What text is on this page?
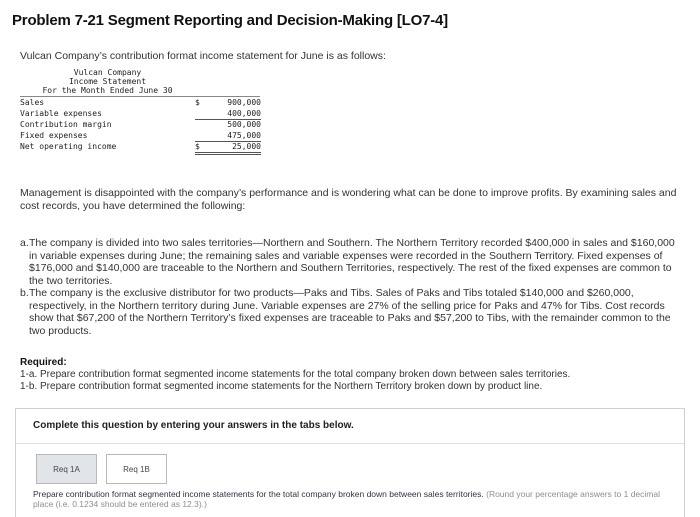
Problem 7-21 Segment Reporting and Decision-Making [LO7-4]
Vulcan Company’s contribution format income statement for June is as follows:
Vulcan Company
Income Statement
For the Month Ended June 30
Sales	$	900,000
Variable expenses	400,000
Contribution margin	500,000
Fixed expenses	475,000
Net operating income	$	25,000
Management is disappointed with the company’s performance and is wondering what can be done to improve profits. By examining sales and cost records, you have determined the following:
a. The company is divided into two sales territories—Northern and Southern. The Northern Territory recorded $400,000 in sales and $160,000 in variable expenses during June; the remaining sales and variable expenses were recorded in the Southern Territory. Fixed expenses of $176,000 and $140,000 are traceable to the Northern and Southern Territories, respectively. The rest of the fixed expenses are common to the two territories.
b. The company is the exclusive distributor for two products—Paks and Tibs. Sales of Paks and Tibs totaled $140,000 and $260,000, respectively, in the Northern territory during June. Variable expenses are 27% of the selling price for Paks and 47% for Tibs. Cost records show that $67,200 of the Northern Territory’s fixed expenses are traceable to Paks and $57,200 to Tibs, with the remainder common to the two products.
Required:
1-a. Prepare contribution format segmented income statements for the total company broken down between sales territories.
1-b. Prepare contribution format segmented income statements for the Northern Territory broken down by product line.
Complete this question by entering your answers in the tabs below.
Req 1A	Req 1B
Prepare contribution format segmented income statements for the total company broken down between sales territories. (Round your percentage answers to 1 decimal place (i.e. 0.1234 should be entered as 12.3).)
